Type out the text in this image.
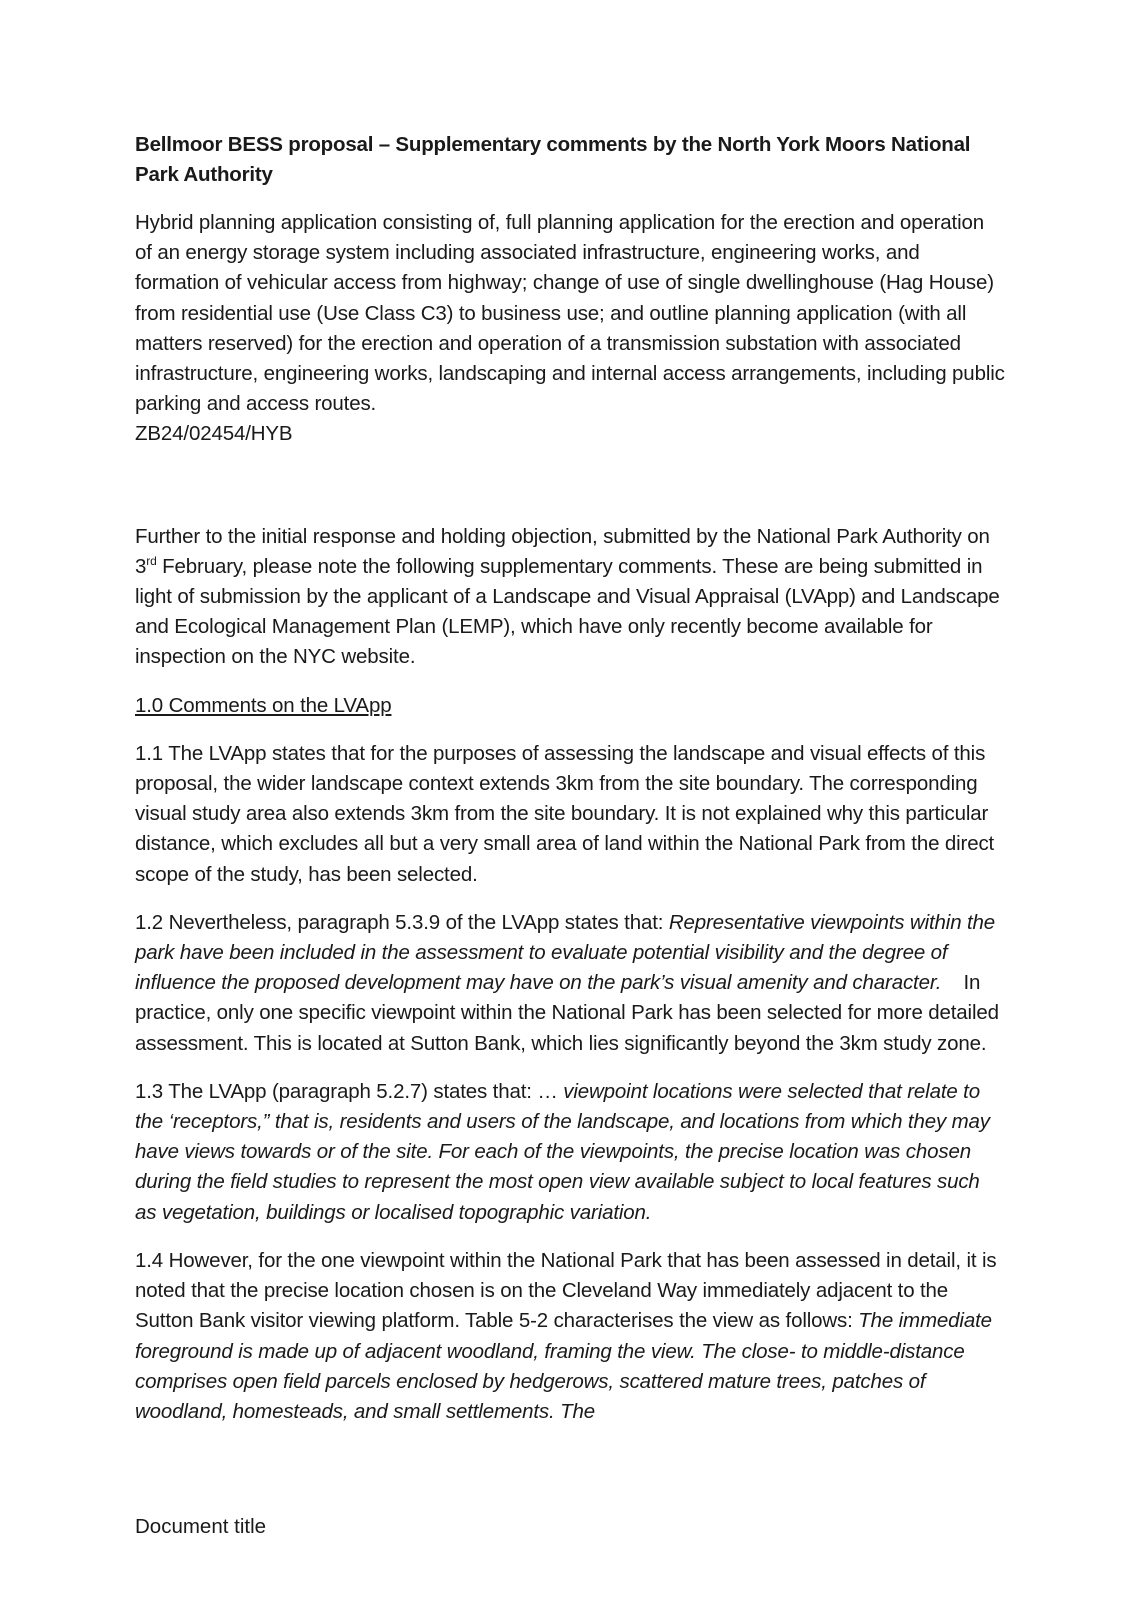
Bellmoor BESS proposal – Supplementary comments by the North York Moors National Park Authority

Hybrid planning application consisting of, full planning application for the erection and operation of an energy storage system including associated infrastructure, engineering works, and formation of vehicular access from highway; change of use of single dwellinghouse (Hag House) from residential use (Use Class C3) to business use; and outline planning application (with all matters reserved) for the erection and operation of a transmission substation with associated infrastructure, engineering works, landscaping and internal access arrangements, including public parking and access routes.
ZB24/02454/HYB

Further to the initial response and holding objection, submitted by the National Park Authority on 3rd February, please note the following supplementary comments. These are being submitted in light of submission by the applicant of a Landscape and Visual Appraisal (LVApp) and Landscape and Ecological Management Plan (LEMP), which have only recently become available for inspection on the NYC website.

1.0 Comments on the LVApp

1.1 The LVApp states that for the purposes of assessing the landscape and visual effects of this proposal, the wider landscape context extends 3km from the site boundary. The corresponding visual study area also extends 3km from the site boundary. It is not explained why this particular distance, which excludes all but a very small area of land within the National Park from the direct scope of the study, has been selected.

1.2 Nevertheless, paragraph 5.3.9 of the LVApp states that: Representative viewpoints within the park have been included in the assessment to evaluate potential visibility and the degree of influence the proposed development may have on the park’s visual amenity and character.    In practice, only one specific viewpoint within the National Park has been selected for more detailed assessment. This is located at Sutton Bank, which lies significantly beyond the 3km study zone.

1.3 The LVApp (paragraph 5.2.7) states that: … viewpoint locations were selected that relate to the ‘receptors,” that is, residents and users of the landscape, and locations from which they may have views towards or of the site. For each of the viewpoints, the precise location was chosen during the field studies to represent the most open view available subject to local features such as vegetation, buildings or localised topographic variation.

1.4 However, for the one viewpoint within the National Park that has been assessed in detail, it is noted that the precise location chosen is on the Cleveland Way immediately adjacent to the Sutton Bank visitor viewing platform. Table 5-2 characterises the view as follows: The immediate foreground is made up of adjacent woodland, framing the view. The close- to middle-distance comprises open field parcels enclosed by hedgerows, scattered mature trees, patches of woodland, homesteads, and small settlements. The

Document title
